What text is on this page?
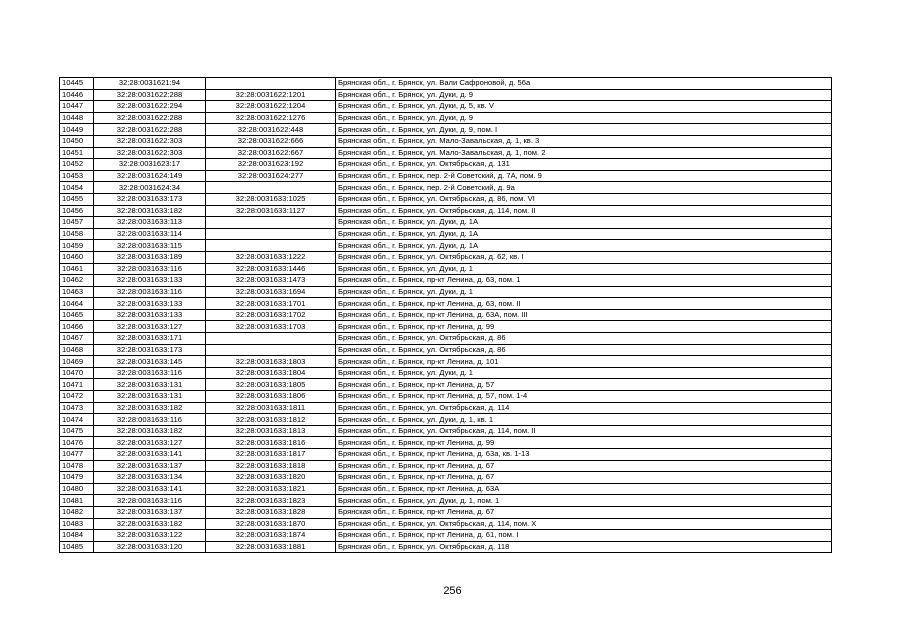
10445	32:28:0031621:94		Брянская обл., г. Брянск, ул. Вали Сафроновой, д. 56а
10446	32:28:0031622:288	32:28:0031622:1201	Брянская обл., г. Брянск, ул. Дуки, д. 9
10447	32:28:0031622:294	32:28:0031622:1204	Брянская обл., г. Брянск, ул. Дуки, д. 5, кв. V
10448	32:28:0031622:288	32:28:0031622:1276	Брянская обл., г. Брянск, ул. Дуки, д. 9
10449	32:28:0031622:288	32:28:0031622:448	Брянская обл., г. Брянск, ул. Дуки, д. 9, пом. I
10450	32:28:0031622:303	32:28:0031622:666	Брянская обл., г. Брянск, ул. Мало-Завальская, д. 1, кв. 3
10451	32:28:0031622:303	32:28:0031622:667	Брянская обл., г. Брянск, ул. Мало-Завальская, д. 1, пом. 2
10452	32:28:0031623:17	32:28:0031623:192	Брянская обл., г. Брянск, ул. Октябрьская, д. 131
10453	32:28:0031624:149	32:28:0031624:277	Брянская обл., г. Брянск, пер. 2-й Советский, д. 7А, пом. 9
10454	32:28:0031624:34		Брянская обл., г. Брянск, пер. 2-й Советский, д. 9а
10455	32:28:0031633:173	32:28:0031633:1025	Брянская обл., г. Брянск, ул. Октябрьская, д. 86, пом. VI
10456	32:28:0031633:182	32:28:0031633:1127	Брянская обл., г. Брянск, ул. Октябрьская, д. 114, пом. II
10457	32:28:0031633:113		Брянская обл., г. Брянск, ул. Дуки, д. 1А
10458	32:28:0031633:114		Брянская обл., г. Брянск, ул. Дуки, д. 1А
10459	32:28:0031633:115		Брянская обл., г. Брянск, ул. Дуки, д. 1А
10460	32:28:0031633:189	32:28:0031633:1222	Брянская обл., г. Брянск, ул. Октябрьская, д. 62, кв. I
10461	32:28:0031633:116	32:28:0031633:1446	Брянская обл., г. Брянск, ул. Дуки, д. 1
10462	32:28:0031633:133	32:28:0031633:1473	Брянская обл., г. Брянск, пр-кт Ленина, д. 63, пом. 1
10463	32:28:0031633:116	32:28:0031633:1694	Брянская обл., г. Брянск, ул. Дуки, д. 1
10464	32:28:0031633:133	32:28:0031633:1701	Брянская обл., г. Брянск, пр-кт Ленина, д. 63, пом. II
10465	32:28:0031633:133	32:28:0031633:1702	Брянская обл., г. Брянск, пр-кт Ленина, д. 63А, пом. III
10466	32:28:0031633:127	32:28:0031633:1703	Брянская обл., г. Брянск, пр-кт Ленина, д. 99
10467	32:28:0031633:171		Брянская обл., г. Брянск, ул. Октябрьская, д. 86
10468	32:28:0031633:173		Брянская обл., г. Брянск, ул. Октябрьская, д. 86
10469	32:28:0031633:145	32:28:0031633:1803	Брянская обл., г. Брянск, пр-кт Ленина, д. 101
10470	32:28:0031633:116	32:28:0031633:1804	Брянская обл., г. Брянск, ул. Дуки, д. 1
10471	32:28:0031633:131	32:28:0031633:1805	Брянская обл., г. Брянск, пр-кт Ленина, д. 57
10472	32:28:0031633:131	32:28:0031633:1806	Брянская обл., г. Брянск, пр-кт Ленина, д. 57, пом. 1-4
10473	32:28:0031633:182	32:28:0031633:1811	Брянская обл., г. Брянск, ул. Октябрьская, д. 114
10474	32:28:0031633:116	32:28:0031633:1812	Брянская обл., г. Брянск, ул. Дуки, д. 1, кв. 1
10475	32:28:0031633:182	32:28:0031633:1813	Брянская обл., г. Брянск, ул. Октябрьская, д. 114, пом. II
10476	32:28:0031633:127	32:28:0031633:1816	Брянская обл., г. Брянск, пр-кт Ленина, д. 99
10477	32:28:0031633:141	32:28:0031633:1817	Брянская обл., г. Брянск, пр-кт Ленина, д. 63а, кв. 1-13
10478	32:28:0031633:137	32:28:0031633:1818	Брянская обл., г. Брянск, пр-кт Ленина, д. 67
10479	32:28:0031633:134	32:28:0031633:1820	Брянская обл., г. Брянск, пр-кт Ленина, д. 67
10480	32:28:0031633:141	32:28:0031633:1821	Брянская обл., г. Брянск, пр-кт Ленина, д. 63А
10481	32:28:0031633:116	32:28:0031633:1823	Брянская обл., г. Брянск, ул. Дуки, д. 1, пом. 1
10482	32:28:0031633:137	32:28:0031633:1828	Брянская обл., г. Брянск, пр-кт Ленина, д. 67
10483	32:28:0031633:182	32:28:0031633:1870	Брянская обл., г. Брянск, ул. Октябрьская, д. 114, пом. X
10484	32:28:0031633:122	32:28:0031633:1874	Брянская обл., г. Брянск, пр-кт Ленина, д. 61, пом. I
10485	32:28:0031633:120	32:28:0031633:1881	Брянская обл., г. Брянск, ул. Октябрьская, д. 118
256
